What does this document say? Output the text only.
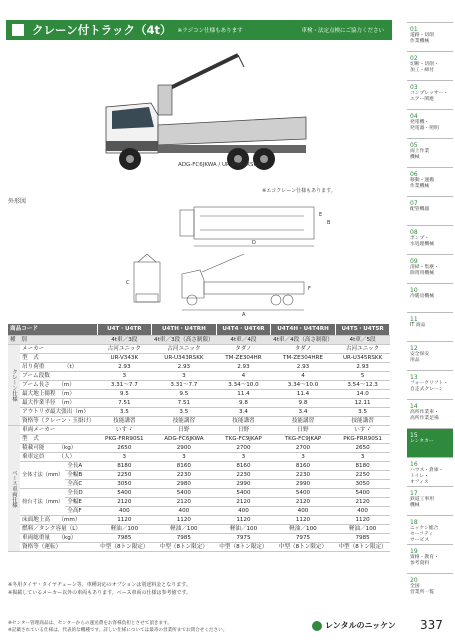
クレーン付トラック（4t） ※ラジコン仕様もあります	車検・法定点検にご協力ください
ADG-FC6JKWA / UR-U343RSKK
※エコクレーン仕様もあります。
外形図
D
E
B
C
A
F
商品コード			U4T・U4TR	U4TH・U4TRH	U4T4・U4T4R	U4T4H・U4T4RH	U4T5・U4T5R
種　別			4t車／3段	4t車／3段（高さ制限）	4t車／4段	4t車／4段（高さ制限）	4t車／5段
クレーン仕様	メーカー		古河ユニック	古河ユニック	タダノ	タダノ	古河ユニック
	型　式		UR-V343K	UR-U343RSKK	TM-ZE304HR	TM-ZE304HRE	UR-U345RSKK
	吊り荷重　　　　（t）		2.93	2.93	2.93	2.93	2.93
	ブーム段数		3	3	4	4	5
	ブーム長さ　　（m）		3.31〜7.7	3.31〜7.7	3.34〜10.0	3.34〜10.0	3.54〜12.3
	最大地上揚程　（m）		9.5	9.5	11.4	11.4	14.0
	最大作業半径　（m）		7.51	7.51	9.8	9.8	12.11
	アウトリガ最大張出（m）		3.5	3.5	3.4	3.4	3.5
	資格等（クレーン・玉掛け）		技能講習	技能講習	技能講習	技能講習	技能講習
ベース車両仕様	車両メーカー		いすゞ	日野	日野	日野	いすゞ
	型　式		PKG-FRR90S1	ADG-FC6JKWA	TKG-FC9JKAP	TKG-FC9JKAP	PKG-FRR90S1
	積載可能　　　（kg）		2650	2900	2700	2700	2650
	乗車定員　　　（人）		3	3	3	3	3
	全体寸法（mm）	全長A	8180	8160	8160	8160	8180
		全幅B	2250	2230	2230	2230	2250
		全高C	3050	2980	2990	2990	3050
	荷台寸法（mm）	全長D	5400	5400	5400	5400	5400
		全幅E	2120	2120	2120	2120	2120
		全高F	400	400	400	400	400
	床面地上高　　（mm）		1120	1120	1120	1120	1120
	燃料／タンク容量（L）		軽油／100	軽油／100	軽油／100	軽油／100	軽油／100
	車両総重量　　（kg）		7985	7985	7975	7975	7985
	資格等（運転）		中型（8トン限定）	中型（8トン限定）	中型（8トン限定）	中型（8トン限定）	中型（8トン限定）
※冬用タイヤ・タイヤチェーン等、車種対応のオプションは別途料金となります。
※掲載しているメーカー以外の車両もあります。ベース車両の仕様は参考値です。
※センター管理商品は、センターからの運送費をお客様負担とさせて頂きます。
※記載されている仕様は、代表的な機種です。詳しい仕様については最寄の営業所までお問合せください。
レンタルのニッケン 337
01
道路・切削
作業機械
02
切断・切削・
加工・締付
03
コンプレッサー・
エアー関連
04
発電機・
発電器・照明
05
両上作業
機械
06
移動・運搬
作業機械
07
配管機器
08
ポンプ・
水処理機械
09
清掃・集塵・
除貫用機械
10
冷暖房機械
11
IT 商品
12
安全保安
用品
13
フォークリフト・
自走式クレーン
14
高所作業車・
高所作業足場
15
レンタカー
16
ハウス・倉庫・
トイレ・
オフィス
17
鉄道工事用
機械
18
ニッケン総合
セーフティ
サービス
19
資格・教育・
参考資料
20
全国
営業所一覧
